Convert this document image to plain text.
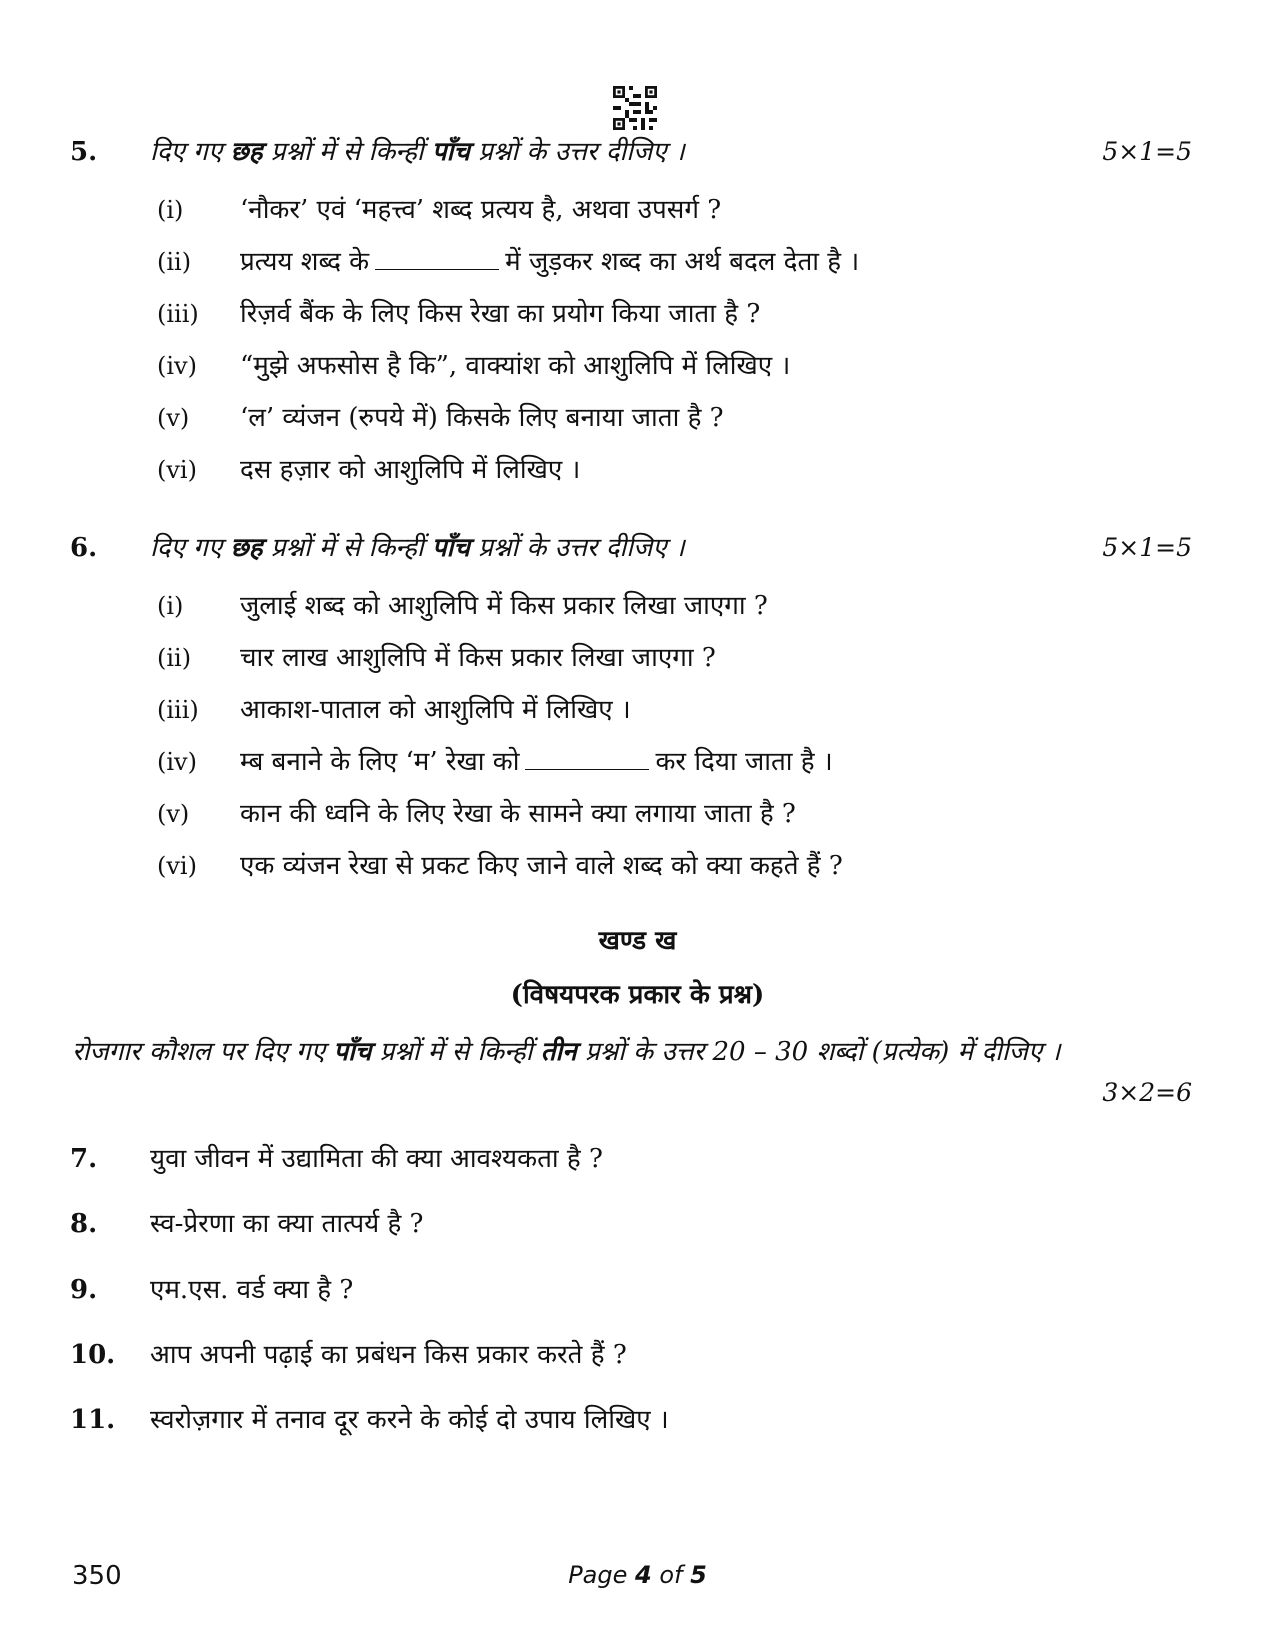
5. दिए गए छह प्रश्नों में से किन्हीं पाँच प्रश्नों के उत्तर दीजिए ।	5×1=5
(i) ‘नौकर’ एवं ‘महत्त्व’ शब्द प्रत्यय है, अथवा उपसर्ग ?
(ii) प्रत्यय शब्द के	में जुड़कर शब्द का अर्थ बदल देता है ।
(iii) रिज़र्व बैंक के लिए किस रेखा का प्रयोग किया जाता है ?
(iv) “मुझे अफसोस है कि”, वाक्यांश को आशुलिपि में लिखिए ।
(v) ‘ल’ व्यंजन (रुपये में) किसके लिए बनाया जाता है ?
(vi) दस हज़ार को आशुलिपि में लिखिए ।
6. दिए गए छह प्रश्नों में से किन्हीं पाँच प्रश्नों के उत्तर दीजिए ।	5×1=5
(i) जुलाई शब्द को आशुलिपि में किस प्रकार लिखा जाएगा ?
(ii) चार लाख आशुलिपि में किस प्रकार लिखा जाएगा ?
(iii) आकाश-पाताल को आशुलिपि में लिखिए ।
(iv) म्ब बनाने के लिए ‘म’ रेखा को	कर दिया जाता है ।
(v) कान की ध्वनि के लिए रेखा के सामने क्या लगाया जाता है ?
(vi) एक व्यंजन रेखा से प्रकट किए जाने वाले शब्द को क्या कहते हैं ?
खण्ड ख
(विषयपरक प्रकार के प्रश्न)
रोजगार कौशल पर दिए गए पाँच प्रश्नों में से किन्हीं तीन प्रश्नों के उत्तर 20 – 30 शब्दों (प्रत्येक) में दीजिए ।
3×2=6
7. युवा जीवन में उद्यामिता की क्या आवश्यकता है ?
8. स्व-प्रेरणा का क्या तात्पर्य है ?
9. एम.एस. वर्ड क्या है ?
10. आप अपनी पढ़ाई का प्रबंधन किस प्रकार करते हैं ?
11. स्वरोज़गार में तनाव दूर करने के कोई दो उपाय लिखिए ।
350	Page 4 of 5
